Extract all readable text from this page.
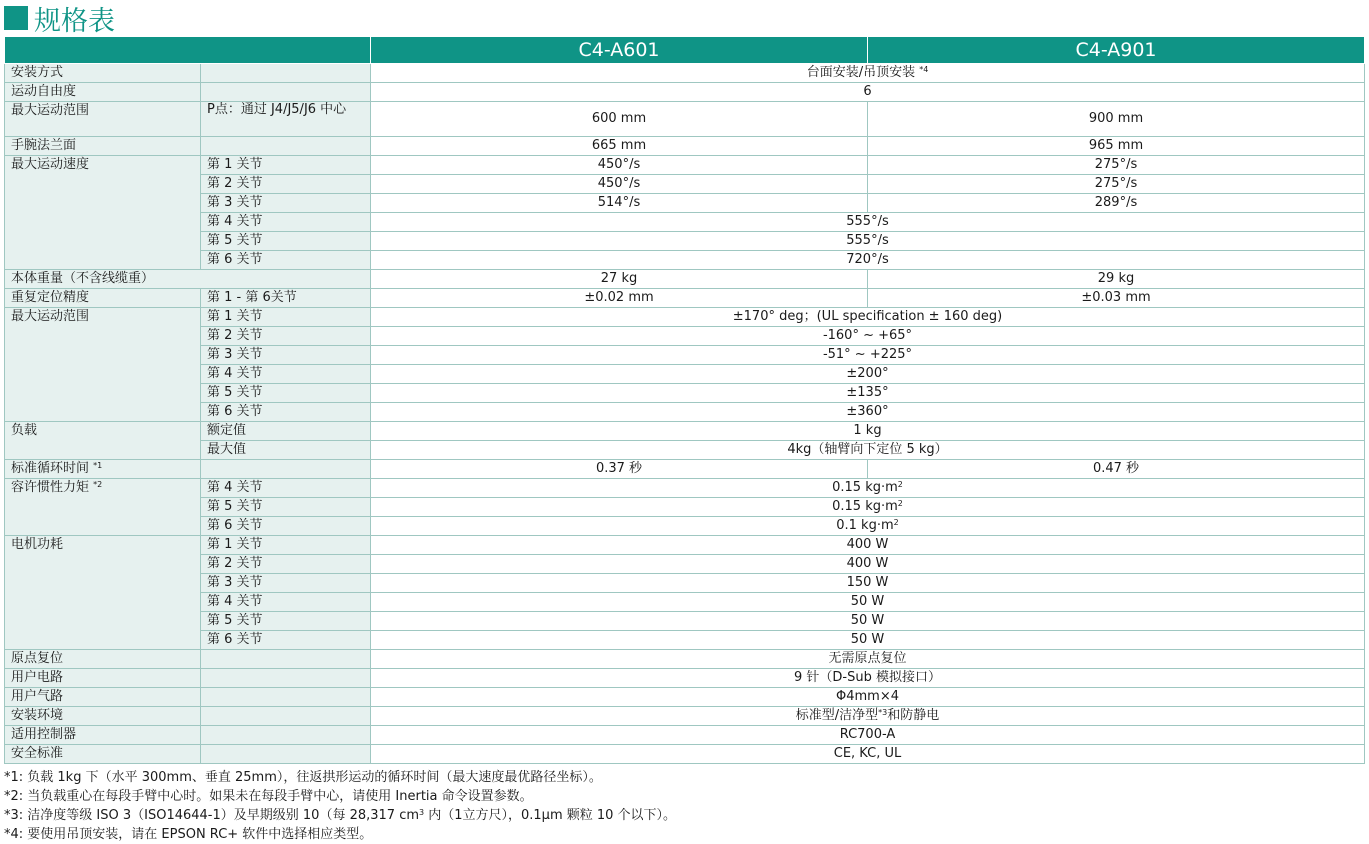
规格表
		C4-A601	C4-A901
安装方式		台面安装/吊顶安装 $^{*4}$
运动自由度		6	
最大运动范围	P点：通过 J4/J5/J6 中心	600 mm	900 mm
手腕法兰面		665 mm	965 mm
最大运动速度	第 1 关节	450°/s	275°/s
	第 2 关节	450°/s	275°/s
	第 3 关节	514°/s	289°/s
	第 4 关节	555°/s	
	第 5 关节	555°/s	
	第 6 关节	720°/s	
本体重量（不含线缆重）		27 kg	29 kg
重复定位精度	第 1 - 第 6关节	±0.02 mm	±0.03 mm
最大运动范围	第 1 关节	±170° deg；(UL specification ± 160 deg)	
	第 2 关节	-160° ~ +65°	
	第 3 关节	-51° ~ +225°	
	第 4 关节	±200°	
	第 5 关节	±135°	
	第 6 关节	±360°	
负载	额定值	1 kg	
	最大值	4kg（轴臂向下定位 5 kg）	
标准循环时间 $^{*1}$		0.37 秒	0.47 秒
容许惯性力矩 $^{*2}$	第 4 关节	0.15 $kg\cdot m^2$
	第 5 关节	0.15 $kg\cdot m^2$
	第 6 关节	0.1 $kg\cdot m^2$
电机功耗	第 1 关节	400 W	
	第 2 关节	400 W	
	第 3 关节	150 W	
	第 4 关节	50 W	
	第 5 关节	50 W	
	第 6 关节	50 W	
原点复位		无需原点复位	
用户电路		9 针（D-Sub 模拟接口）	
用户气路		Φ4mm×4	
安装环境		标准型/洁净型$^{*3}$和防静电	
适用控制器		RC700-A	
安全标准		CE, KC, UL	
*1: 负载 1kg 下（水平 300mm、垂直 25mm），往返拱形运动的循环时间（最大速度最优路径坐标）。
*2: 当负载重心在每段手臂中心时。如果未在每段手臂中心，请使用 Inertia 命令设置参数。
*3: 洁净度等级 ISO 3（ISO14644-1）及早期级别 10（每 28,317 $cm^3$ 内（1立方尺），0.1µm 颗粒 10 个以下）。
*4: 要使用吊顶安装，请在 EPSON RC+ 软件中选择相应类型。
